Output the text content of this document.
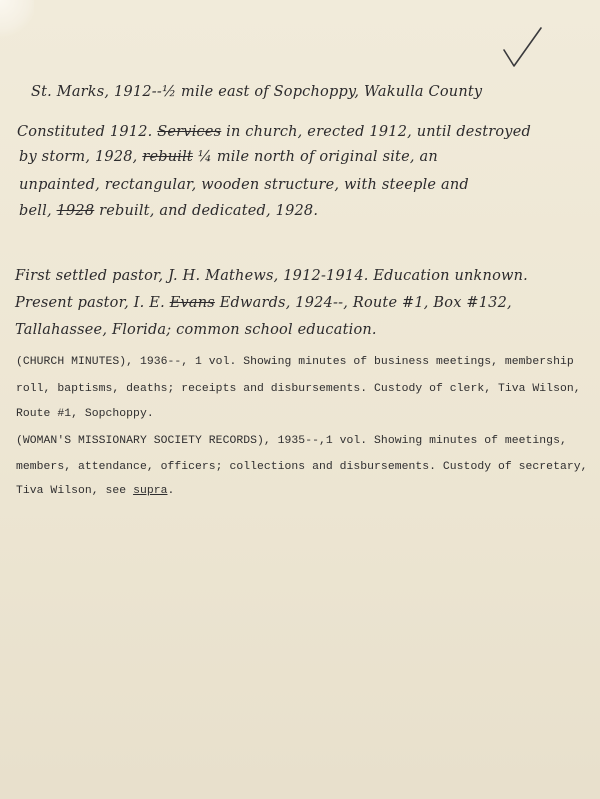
St. Marks, 1912--½ mile east of Sopchoppy, Wakulla County

Constituted 1912. Services in church, erected 1912, until destroyed

by storm, 1928, rebuilt ¼ mile north of original site, an

unpainted, rectangular, wooden structure, with steeple and

bell, 1928 rebuilt, and dedicated, 1928.

First settled pastor, J. H. Mathews, 1912-1914. Education unknown.

Present pastor, I. E. Evans Edwards, 1924--, Route #1, Box #132,

Tallahassee, Florida; common school education.

(CHURCH MINUTES), 1936--, 1 vol. Showing minutes of business meetings, membership

roll, baptisms, deaths; receipts and disbursements. Custody of clerk, Tiva Wilson,

Route #1, Sopchoppy.

(WOMAN'S MISSIONARY SOCIETY RECORDS), 1935--,1 vol. Showing minutes of meetings,

members, attendance, officers; collections and disbursements. Custody of secretary,

Tiva Wilson, see supra.
